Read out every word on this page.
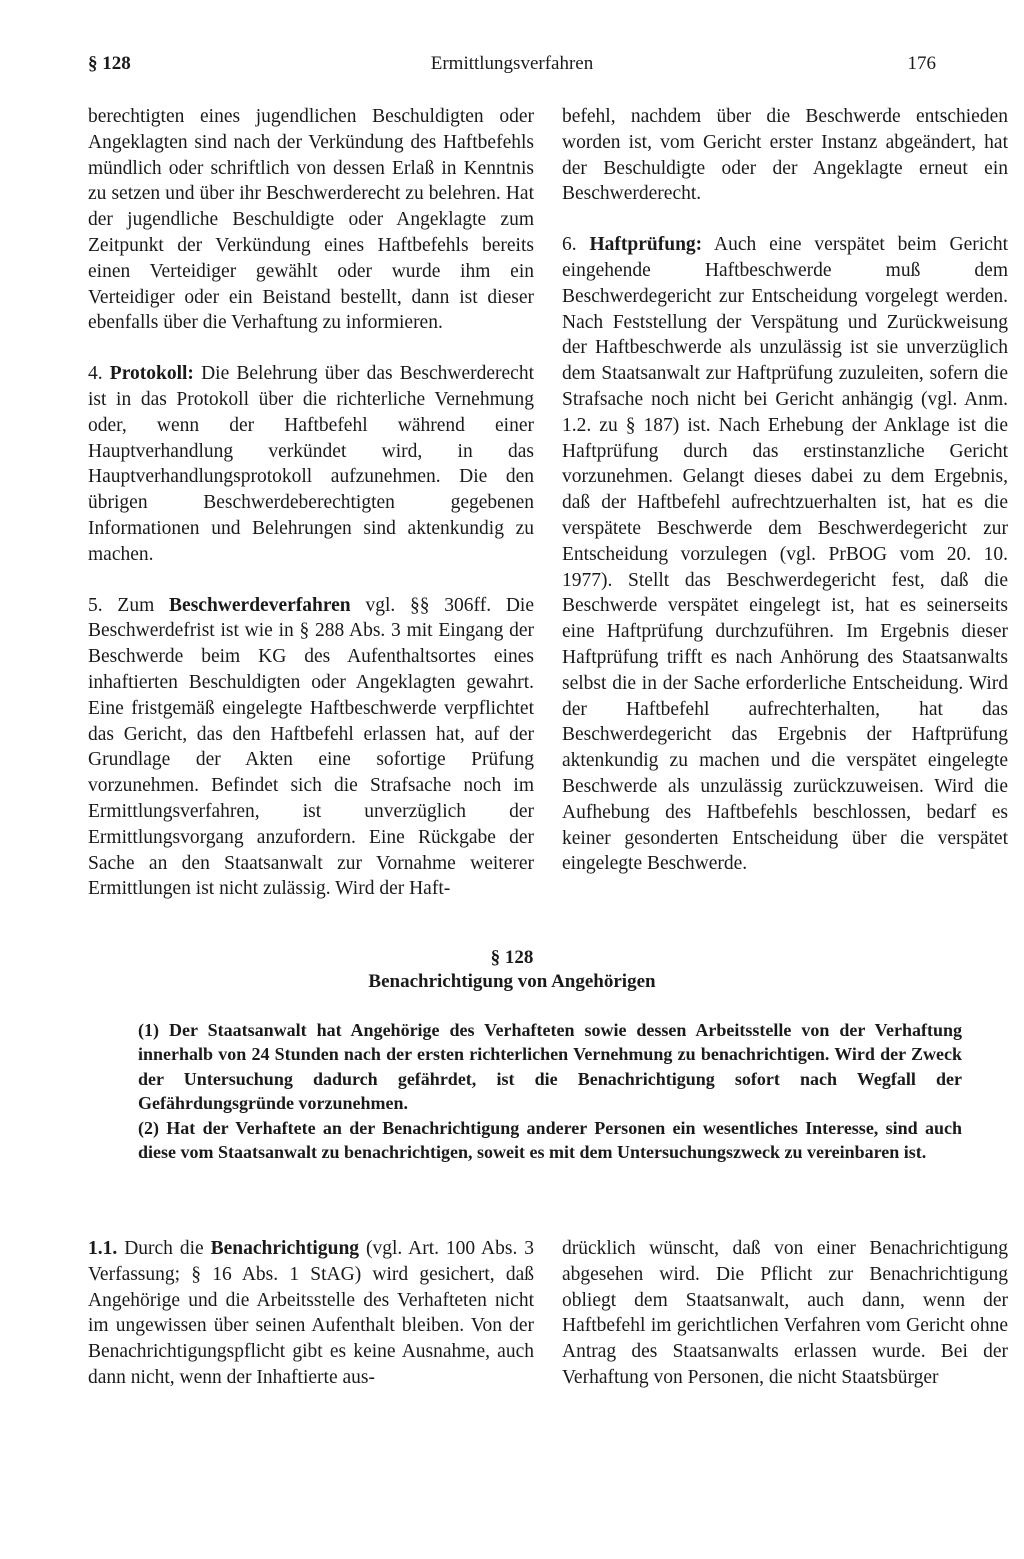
§ 128	Ermittlungsverfahren	176

berechtigten eines jugendlichen Beschuldigten oder Angeklagten sind nach der Verkündung des Haftbefehls mündlich oder schriftlich von dessen Erlaß in Kenntnis zu setzen und über ihr Beschwerderecht zu belehren. Hat der jugendliche Beschuldigte oder Angeklagte zum Zeitpunkt der Verkündung eines Haftbefehls bereits einen Verteidiger gewählt oder wurde ihm ein Verteidiger oder ein Beistand bestellt, dann ist dieser ebenfalls über die Verhaftung zu informieren.

4. Protokoll: Die Belehrung über das Beschwerderecht ist in das Protokoll über die richterliche Vernehmung oder, wenn der Haftbefehl während einer Hauptverhandlung verkündet wird, in das Hauptverhandlungsprotokoll aufzunehmen. Die den übrigen Beschwerdeberechtigten gegebenen Informationen und Belehrungen sind aktenkundig zu machen.

5. Zum Beschwerdeverfahren vgl. §§ 306ff. Die Beschwerdefrist ist wie in § 288 Abs. 3 mit Eingang der Beschwerde beim KG des Aufenthaltsortes eines inhaftierten Beschuldigten oder Angeklagten gewahrt. Eine fristgemäß eingelegte Haftbeschwerde verpflichtet das Gericht, das den Haftbefehl erlassen hat, auf der Grundlage der Akten eine sofortige Prüfung vorzunehmen. Befindet sich die Strafsache noch im Ermittlungsverfahren, ist unverzüglich der Ermittlungsvorgang anzufordern. Eine Rückgabe der Sache an den Staatsanwalt zur Vornahme weiterer Ermittlungen ist nicht zulässig. Wird der Haft-

befehl, nachdem über die Beschwerde entschieden worden ist, vom Gericht erster Instanz abgeändert, hat der Beschuldigte oder der Angeklagte erneut ein Beschwerderecht.

6. Haftprüfung: Auch eine verspätet beim Gericht eingehende Haftbeschwerde muß dem Beschwerdegericht zur Entscheidung vorgelegt werden. Nach Feststellung der Verspätung und Zurückweisung der Haftbeschwerde als unzulässig ist sie unverzüglich dem Staatsanwalt zur Haftprüfung zuzuleiten, sofern die Strafsache noch nicht bei Gericht anhängig (vgl. Anm. 1.2. zu § 187) ist. Nach Erhebung der Anklage ist die Haftprüfung durch das erstinstanzliche Gericht vorzunehmen. Gelangt dieses dabei zu dem Ergebnis, daß der Haftbefehl aufrechtzuerhalten ist, hat es die verspätete Beschwerde dem Beschwerdegericht zur Entscheidung vorzulegen (vgl. PrBOG vom 20. 10. 1977). Stellt das Beschwerdegericht fest, daß die Beschwerde verspätet eingelegt ist, hat es seinerseits eine Haftprüfung durchzuführen. Im Ergebnis dieser Haftprüfung trifft es nach Anhörung des Staatsanwalts selbst die in der Sache erforderliche Entscheidung. Wird der Haftbefehl aufrechterhalten, hat das Beschwerdegericht das Ergebnis der Haftprüfung aktenkundig zu machen und die verspätet eingelegte Beschwerde als unzulässig zurückzuweisen. Wird die Aufhebung des Haftbefehls beschlossen, bedarf es keiner gesonderten Entscheidung über die verspätet eingelegte Beschwerde.

§ 128
Benachrichtigung von Angehörigen

(1) Der Staatsanwalt hat Angehörige des Verhafteten sowie dessen Arbeitsstelle von der Verhaftung innerhalb von 24 Stunden nach der ersten richterlichen Vernehmung zu benachrichtigen. Wird der Zweck der Untersuchung dadurch gefährdet, ist die Benachrichtigung sofort nach Wegfall der Gefährdungsgründe vorzunehmen.

(2) Hat der Verhaftete an der Benachrichtigung anderer Personen ein wesentliches Interesse, sind auch diese vom Staatsanwalt zu benachrichtigen, soweit es mit dem Untersuchungszweck zu vereinbaren ist.

1.1. Durch die Benachrichtigung (vgl. Art. 100 Abs. 3 Verfassung; § 16 Abs. 1 StAG) wird gesichert, daß Angehörige und die Arbeitsstelle des Verhafteten nicht im ungewissen über seinen Aufenthalt bleiben. Von der Benachrichtigungspflicht gibt es keine Ausnahme, auch dann nicht, wenn der Inhaftierte aus-

drücklich wünscht, daß von einer Benachrichtigung abgesehen wird. Die Pflicht zur Benachrichtigung obliegt dem Staatsanwalt, auch dann, wenn der Haftbefehl im gerichtlichen Verfahren vom Gericht ohne Antrag des Staatsanwalts erlassen wurde. Bei der Verhaftung von Personen, die nicht Staatsbürger
